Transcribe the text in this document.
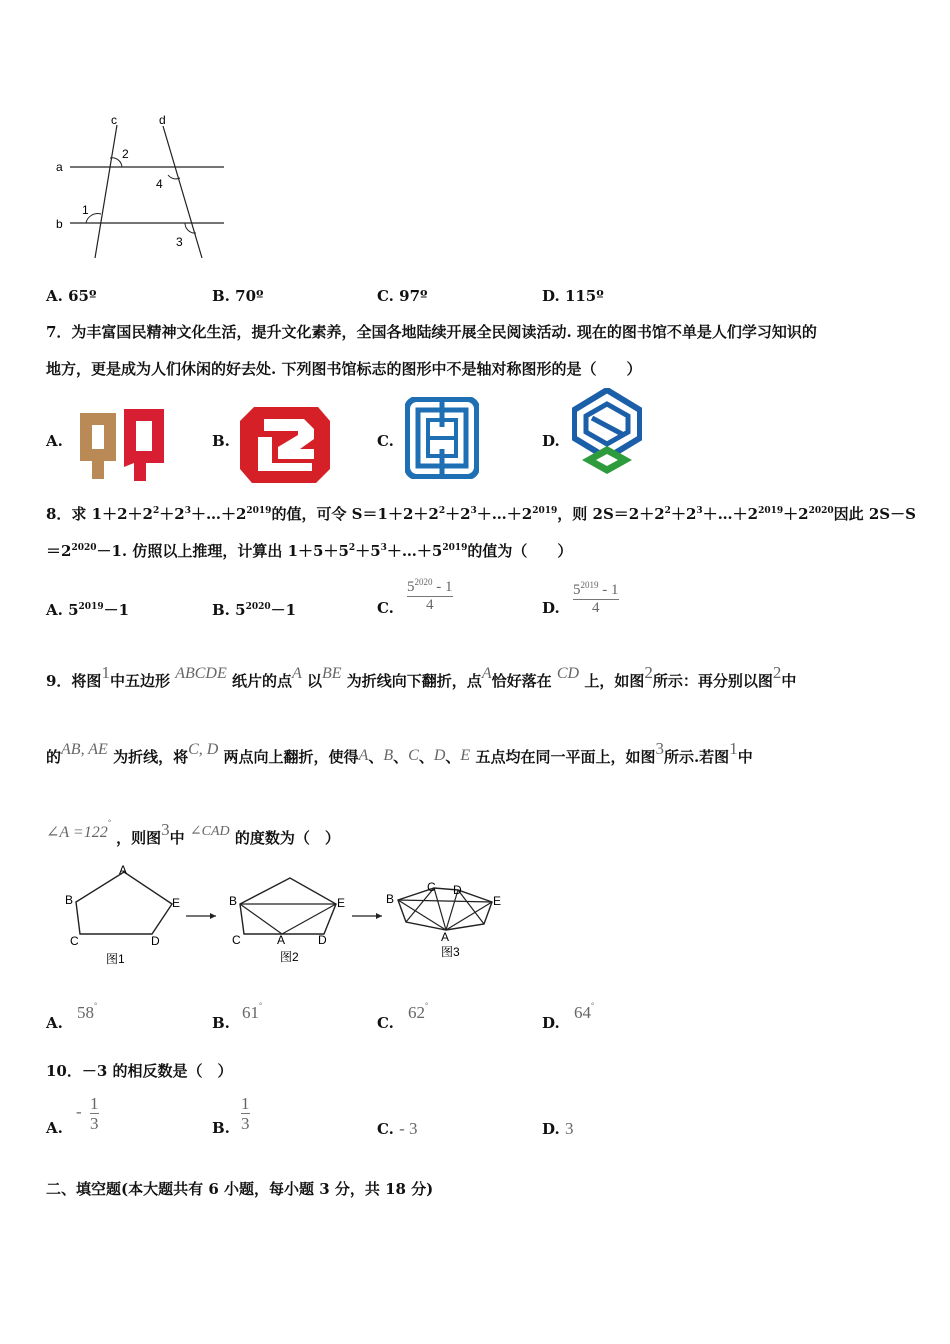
c	d
a
b
2
4
1
3
A. 65º	B. 70º	C. 97º	D. 115º
7．为丰富国民精神文化生活，提升文化素养，全国各地陆续开展全民阅读活动. 现在的图书馆不单是人们学习知识的
地方，更是成为人们休闲的好去处. 下列图书馆标志的图形中不是轴对称图形的是（　　）
A.	B.	C.	D.
8．求 $1+2+2^2+2^3+\dots+2^{2019}$的值，可令 $S=1+2+2^2+2^3+\dots+2^{2019}$，则 $2S=2+2^2+2^3+\dots+2^{2019}+2^{2020}$因此 2S－S
$=2^{2020}-1$. 仿照以上推理，计算出 $1+5+5^2+5^3+\dots+5^{2019}$的值为（　　）
A. $5^{2019}-1$	B. $5^{2020}-1$	C.
$5^{2020} - 1$
4	D.
$5^{2019} - 1$
4
9．将图1中五边形 ABCDE 纸片的点A 以BE 为折线向下翻折，点A恰好落在 CD 上，如图2所示：再分别以图2中
的AB, AE 为折线，将C, D 两点向上翻折，使得A、B、C、D、E 五点均在同一平面上，如图3所示.若图1中
∠A =122° ，则图3中 ∠CAD 的度数为（　）
A
B	E
C	D
图1
B	E
C	A	D
图2
B
C D
E
A
图3
A.
58°
B.
61°
C.
62°
D.
64°
10．－3 的相反数是（　）
A.
- 1
3	B.
1
3	C. - 3	D. 3
二、填空题(本大题共有 6 小题，每小题 3 分，共 18 分)
